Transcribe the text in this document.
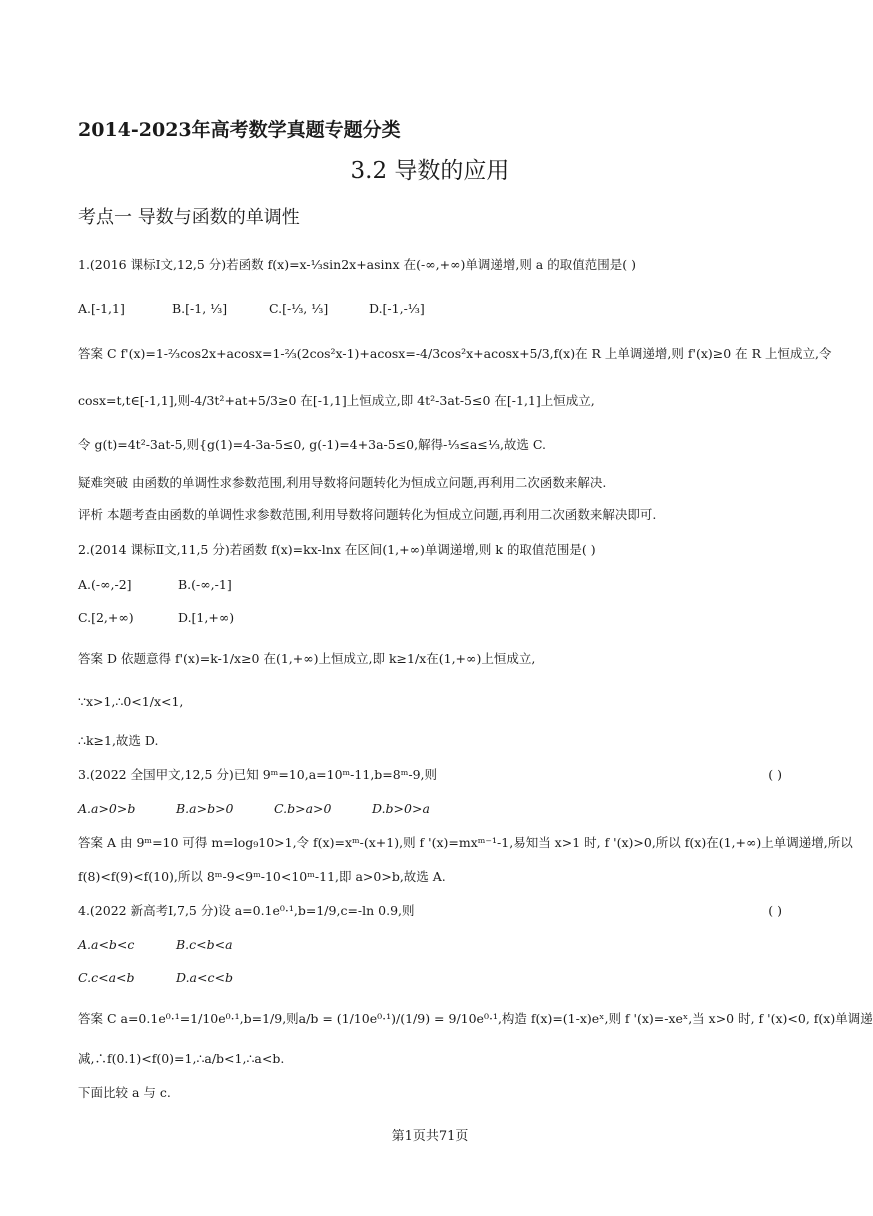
2014-2023年高考数学真题专题分类
3.2 导数的应用
考点一 导数与函数的单调性
1.(2016 课标Ⅰ文,12,5 分)若函数 f(x)=x-⅓sin2x+asinx 在(-∞,+∞)单调递增,则 a 的取值范围是( )
A.[-1,1]	B.[-1, ⅓]	C.[-⅓, ⅓]	D.[-1,-⅓]
答案 C f'(x)=1-⅔cos2x+acosx=1-⅔(2cos²x-1)+acosx=-4/3cos²x+acosx+5/3,f(x)在 R 上单调递增,则 f'(x)≥0 在 R 上恒成立,令
cosx=t,t∈[-1,1],则-4/3t²+at+5/3≥0 在[-1,1]上恒成立,即 4t²-3at-5≤0 在[-1,1]上恒成立,
令 g(t)=4t²-3at-5,则{g(1)=4-3a-5≤0, g(-1)=4+3a-5≤0,解得-⅓≤a≤⅓,故选 C.
疑难突破 由函数的单调性求参数范围,利用导数将问题转化为恒成立问题,再利用二次函数来解决.
评析 本题考查由函数的单调性求参数范围,利用导数将问题转化为恒成立问题,再利用二次函数来解决即可.
2.(2014 课标Ⅱ文,11,5 分)若函数 f(x)=kx-lnx 在区间(1,+∞)单调递增,则 k 的取值范围是( )
A.(-∞,-2]	B.(-∞,-1]
C.[2,+∞)	D.[1,+∞)
答案 D 依题意得 f'(x)=k-1/x≥0 在(1,+∞)上恒成立,即 k≥1/x在(1,+∞)上恒成立,
∵x>1,∴0<1/x<1,
∴k≥1,故选 D.
3.(2022 全国甲文,12,5 分)已知 9ᵐ=10,a=10ᵐ-11,b=8ᵐ-9,则	( )
A.a>0>b	B.a>b>0	C.b>a>0	D.b>0>a
答案 A 由 9ᵐ=10 可得 m=log₉10>1,令 f(x)=xᵐ-(x+1),则 f '(x)=mxᵐ⁻¹-1,易知当 x>1 时, f '(x)>0,所以 f(x)在(1,+∞)上单调递增,所以
f(8)<f(9)<f(10),所以 8ᵐ-9<9ᵐ-10<10ᵐ-11,即 a>0>b,故选 A.
4.(2022 新高考I,7,5 分)设 a=0.1e⁰·¹,b=1/9,c=-ln 0.9,则	( )
A.a<b<c	B.c<b<a
C.c<a<b	D.a<c<b
答案 C a=0.1e⁰·¹=1/10e⁰·¹,b=1/9,则a/b = (1/10e⁰·¹)/(1/9) = 9/10e⁰·¹,构造 f(x)=(1-x)eˣ,则 f '(x)=-xeˣ,当 x>0 时, f '(x)<0, f(x)单调递
减,∴f(0.1)<f(0)=1,∴a/b<1,∴a<b.
下面比较 a 与 c.
第1页共71页
